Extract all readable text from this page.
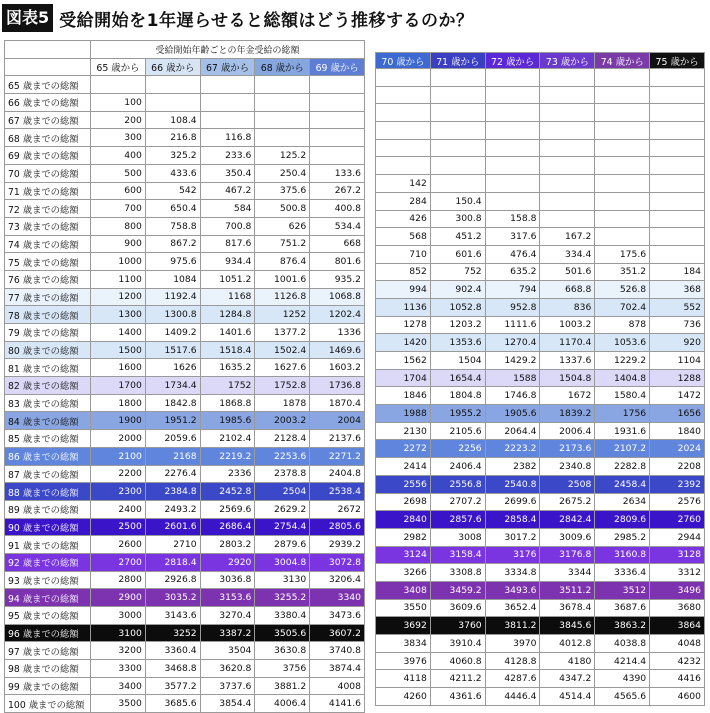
図表5 受給開始を1年遅らせると総額はどう推移するのか？
	受給開始年齢ごとの年金受給の総額				
	65 歳から	66 歳から	67 歳から	68 歳から	69 歳から
65 歳までの総額					
66 歳までの総額	100				
67 歳までの総額	200	108.4			
68 歳までの総額	300	216.8	116.8		
69 歳までの総額	400	325.2	233.6	125.2	
70 歳までの総額	500	433.6	350.4	250.4	133.6
71 歳までの総額	600	542	467.2	375.6	267.2
72 歳までの総額	700	650.4	584	500.8	400.8
73 歳までの総額	800	758.8	700.8	626	534.4
74 歳までの総額	900	867.2	817.6	751.2	668
75 歳までの総額	1000	975.6	934.4	876.4	801.6
76 歳までの総額	1100	1084	1051.2	1001.6	935.2
77 歳までの総額	1200	1192.4	1168	1126.8	1068.8
78 歳までの総額	1300	1300.8	1284.8	1252	1202.4
79 歳までの総額	1400	1409.2	1401.6	1377.2	1336
80 歳までの総額	1500	1517.6	1518.4	1502.4	1469.6
81 歳までの総額	1600	1626	1635.2	1627.6	1603.2
82 歳までの総額	1700	1734.4	1752	1752.8	1736.8
83 歳までの総額	1800	1842.8	1868.8	1878	1870.4
84 歳までの総額	1900	1951.2	1985.6	2003.2	2004
85 歳までの総額	2000	2059.6	2102.4	2128.4	2137.6
86 歳までの総額	2100	2168	2219.2	2253.6	2271.2
87 歳までの総額	2200	2276.4	2336	2378.8	2404.8
88 歳までの総額	2300	2384.8	2452.8	2504	2538.4
89 歳までの総額	2400	2493.2	2569.6	2629.2	2672
90 歳までの総額	2500	2601.6	2686.4	2754.4	2805.6
91 歳までの総額	2600	2710	2803.2	2879.6	2939.2
92 歳までの総額	2700	2818.4	2920	3004.8	3072.8
93 歳までの総額	2800	2926.8	3036.8	3130	3206.4
94 歳までの総額	2900	3035.2	3153.6	3255.2	3340
95 歳までの総額	3000	3143.6	3270.4	3380.4	3473.6
96 歳までの総額	3100	3252	3387.2	3505.6	3607.2
97 歳までの総額	3200	3360.4	3504	3630.8	3740.8
98 歳までの総額	3300	3468.8	3620.8	3756	3874.4
99 歳までの総額	3400	3577.2	3737.6	3881.2	4008
100 歳までの総額	3500	3685.6	3854.4	4006.4	4141.6

70 歳から	71 歳から	72 歳から	73 歳から	74 歳から	75 歳から

142					
284	150.4				
426	300.8	158.8			
568	451.2	317.6	167.2		
710	601.6	476.4	334.4	175.6	
852	752	635.2	501.6	351.2	184
994	902.4	794	668.8	526.8	368
1136	1052.8	952.8	836	702.4	552
1278	1203.2	1111.6	1003.2	878	736
1420	1353.6	1270.4	1170.4	1053.6	920
1562	1504	1429.2	1337.6	1229.2	1104
1704	1654.4	1588	1504.8	1404.8	1288
1846	1804.8	1746.8	1672	1580.4	1472
1988	1955.2	1905.6	1839.2	1756	1656
2130	2105.6	2064.4	2006.4	1931.6	1840
2272	2256	2223.2	2173.6	2107.2	2024
2414	2406.4	2382	2340.8	2282.8	2208
2556	2556.8	2540.8	2508	2458.4	2392
2698	2707.2	2699.6	2675.2	2634	2576
2840	2857.6	2858.4	2842.4	2809.6	2760
2982	3008	3017.2	3009.6	2985.2	2944
3124	3158.4	3176	3176.8	3160.8	3128
3266	3308.8	3334.8	3344	3336.4	3312
3408	3459.2	3493.6	3511.2	3512	3496
3550	3609.6	3652.4	3678.4	3687.6	3680
3692	3760	3811.2	3845.6	3863.2	3864
3834	3910.4	3970	4012.8	4038.8	4048
3976	4060.8	4128.8	4180	4214.4	4232
4118	4211.2	4287.6	4347.2	4390	4416
4260	4361.6	4446.4	4514.4	4565.6	4600
